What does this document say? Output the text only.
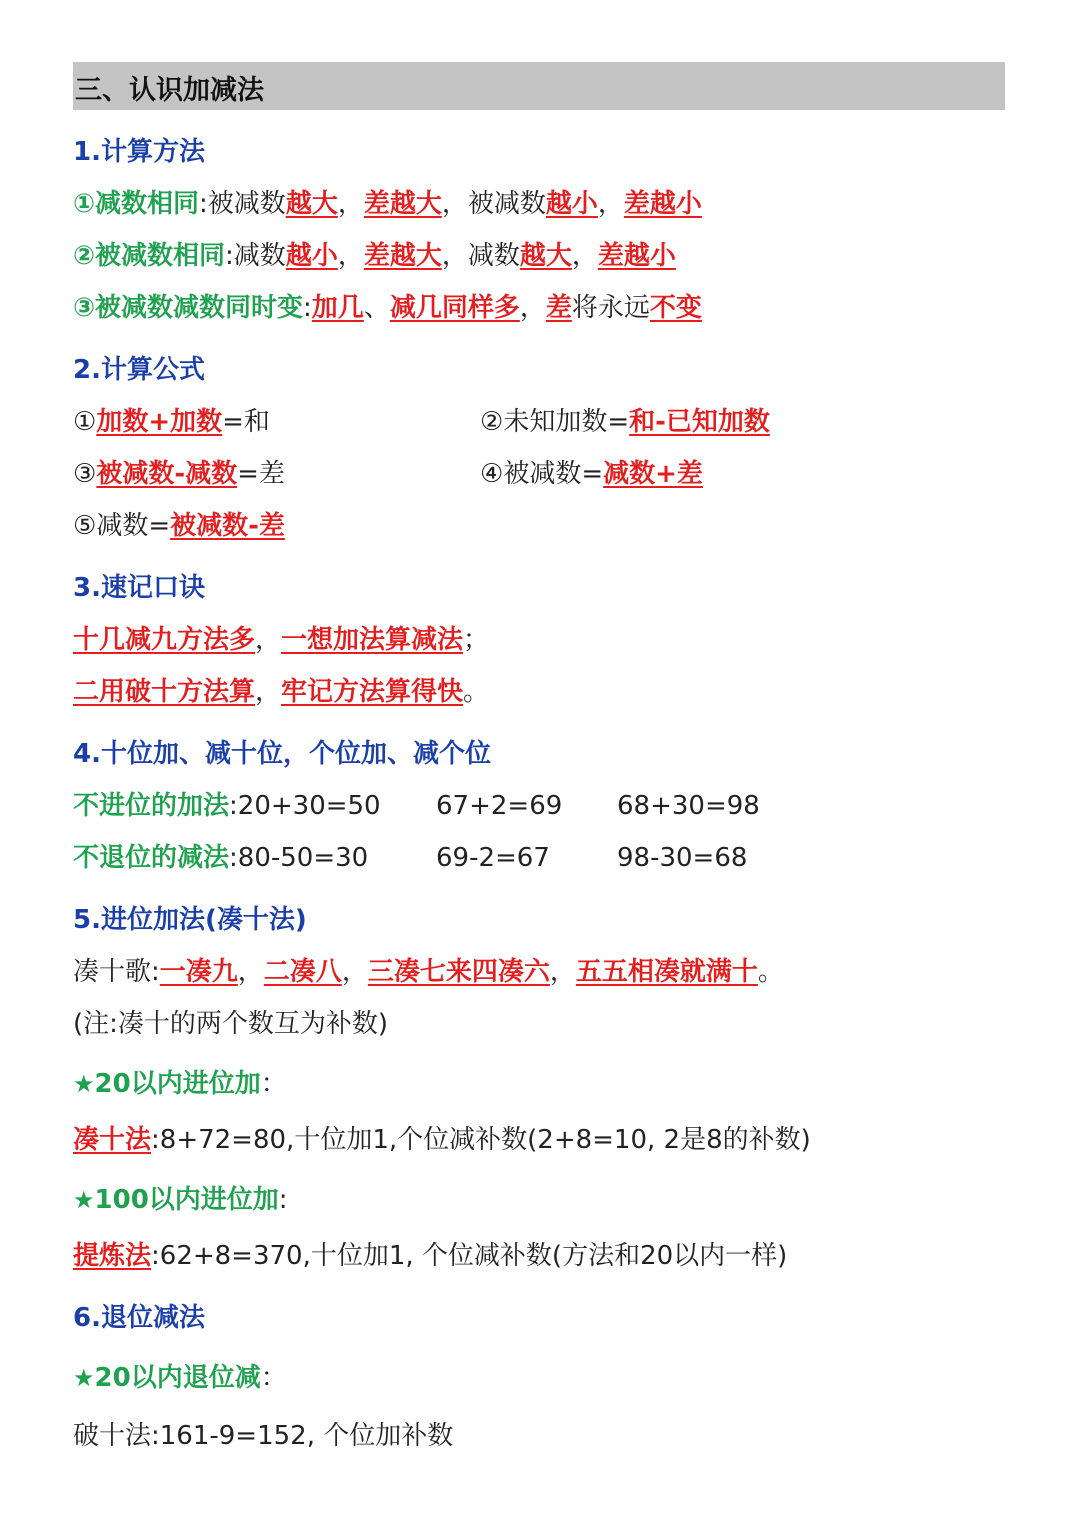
三、认识加减法
1.计算方法
①减数相同:被减数越大，差越大，被减数越小，差越小
②被减数相同:减数越小，差越大，减数越大，差越小
③被减数减数同时变:加几、减几同样多，差将永远不变
2.计算公式
①加数+加数=和	②未知加数=和-已知加数
③被减数-减数=差	④被减数=减数+差
⑤减数=被减数-差
3.速记口诀
十几减九方法多，一想加法算减法；
二用破十方法算，牢记方法算得快。
4.十位加、减十位，个位加、减个位
不进位的加法:20+30=50 67+2=69 68+30=98
不退位的减法:80-50=30	69-2=67	98-30=68
5.进位加法(凑十法)
凑十歌:一凑九，二凑八，三凑七来四凑六，五五相凑就满十。
(注:凑十的两个数互为补数)
★20以内进位加：
凑十法:8+72=80,十位加1,个位减补数(2+8=10, 2是8的补数)
★100以内进位加:
提炼法:62+8=370,十位加1, 个位减补数(方法和20以内一样)
6.退位减法
★20以内退位减：
破十法:161-9=152, 个位加补数
